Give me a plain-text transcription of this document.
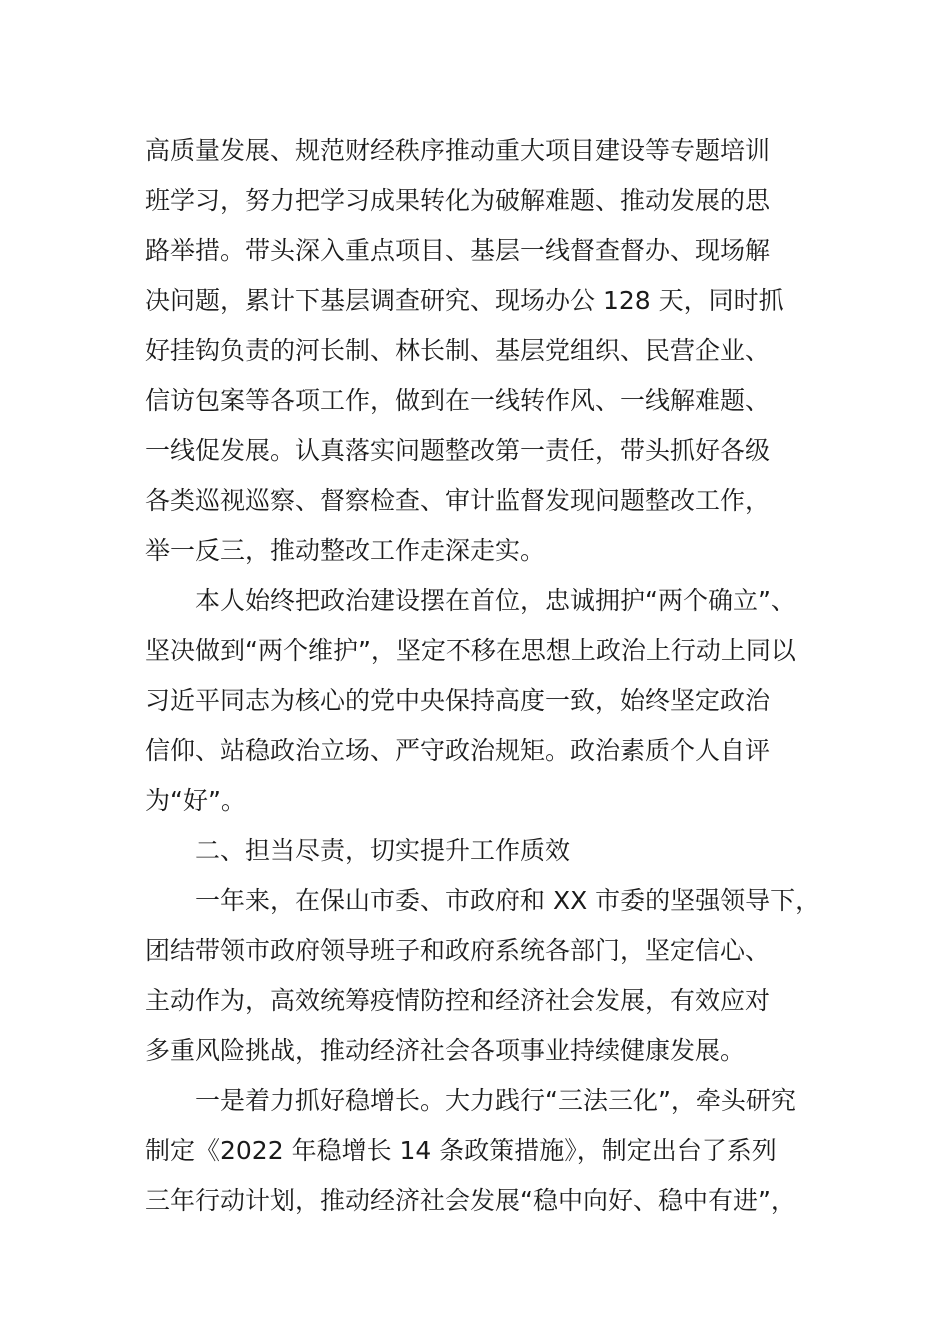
高质量发展、规范财经秩序推动重大项目建设等专题培训
班学习，努力把学习成果转化为破解难题、推动发展的思
路举措。带头深入重点项目、基层一线督查督办、现场解
决问题，累计下基层调查研究、现场办公 128 天，同时抓
好挂钩负责的河长制、林长制、基层党组织、民营企业、
信访包案等各项工作，做到在一线转作风、一线解难题、
一线促发展。认真落实问题整改第一责任，带头抓好各级
各类巡视巡察、督察检查、审计监督发现问题整改工作，
举一反三，推动整改工作走深走实。
本人始终把政治建设摆在首位，忠诚拥护“两个确立”、
坚决做到“两个维护”，坚定不移在思想上政治上行动上同以
习近平同志为核心的党中央保持高度一致，始终坚定政治
信仰、站稳政治立场、严守政治规矩。政治素质个人自评
为“好”。
二、担当尽责，切实提升工作质效
一年来，在保山市委、市政府和 XX 市委的坚强领导下，
团结带领市政府领导班子和政府系统各部门，坚定信心、
主动作为，高效统筹疫情防控和经济社会发展，有效应对
多重风险挑战，推动经济社会各项事业持续健康发展。
一是着力抓好稳增长。大力践行“三法三化”，牵头研究
制定《2022 年稳增长 14 条政策措施》，制定出台了系列
三年行动计划，推动经济社会发展“稳中向好、稳中有进”，
